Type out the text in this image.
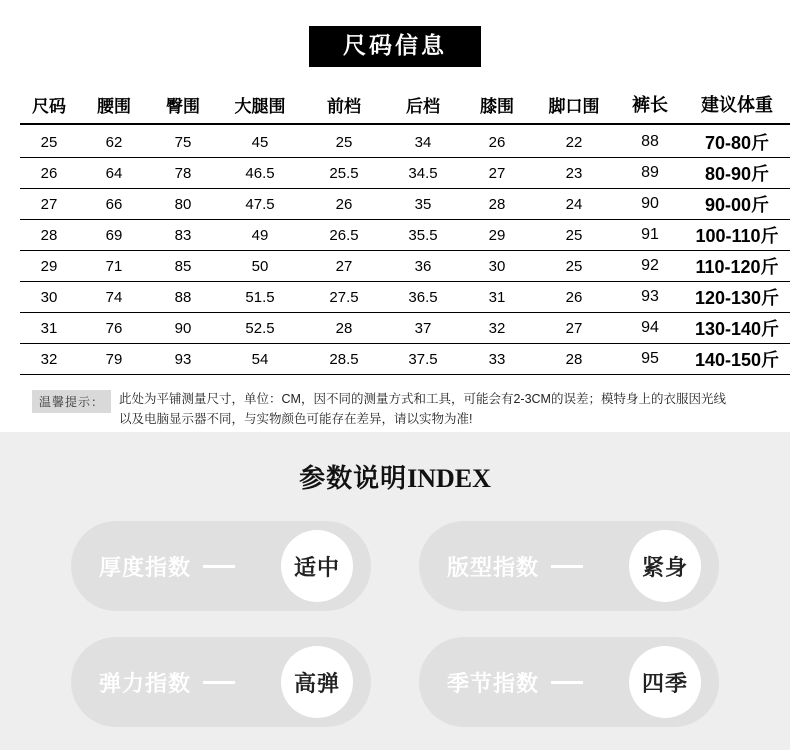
尺码信息
尺码	腰围	臀围	大腿围	前档	后档	膝围	脚口围	裤长	建议体重
25	62	75	45	25	34	26	22	88	70-80斤
26	64	78	46.5	25.5	34.5	27	23	89	80-90斤
27	66	80	47.5	26	35	28	24	90	90-00斤
28	69	83	49	26.5	35.5	29	25	91	100-110斤
29	71	85	50	27	36	30	25	92	110-120斤
30	74	88	51.5	27.5	36.5	31	26	93	120-130斤
31	76	90	52.5	28	37	32	27	94	130-140斤
32	79	93	54	28.5	37.5	33	28	95	140-150斤
温馨提示：	此处为平铺测量尺寸，单位：CM，因不同的测量方式和工具，可能会有2-3CM的误差；模特身上的衣服因光线
以及电脑显示器不同，与实物颜色可能存在差异，请以实物为准!
参数说明INDEX
厚度指数	适中	版型指数	紧身
弹力指数	高弹	季节指数	四季
